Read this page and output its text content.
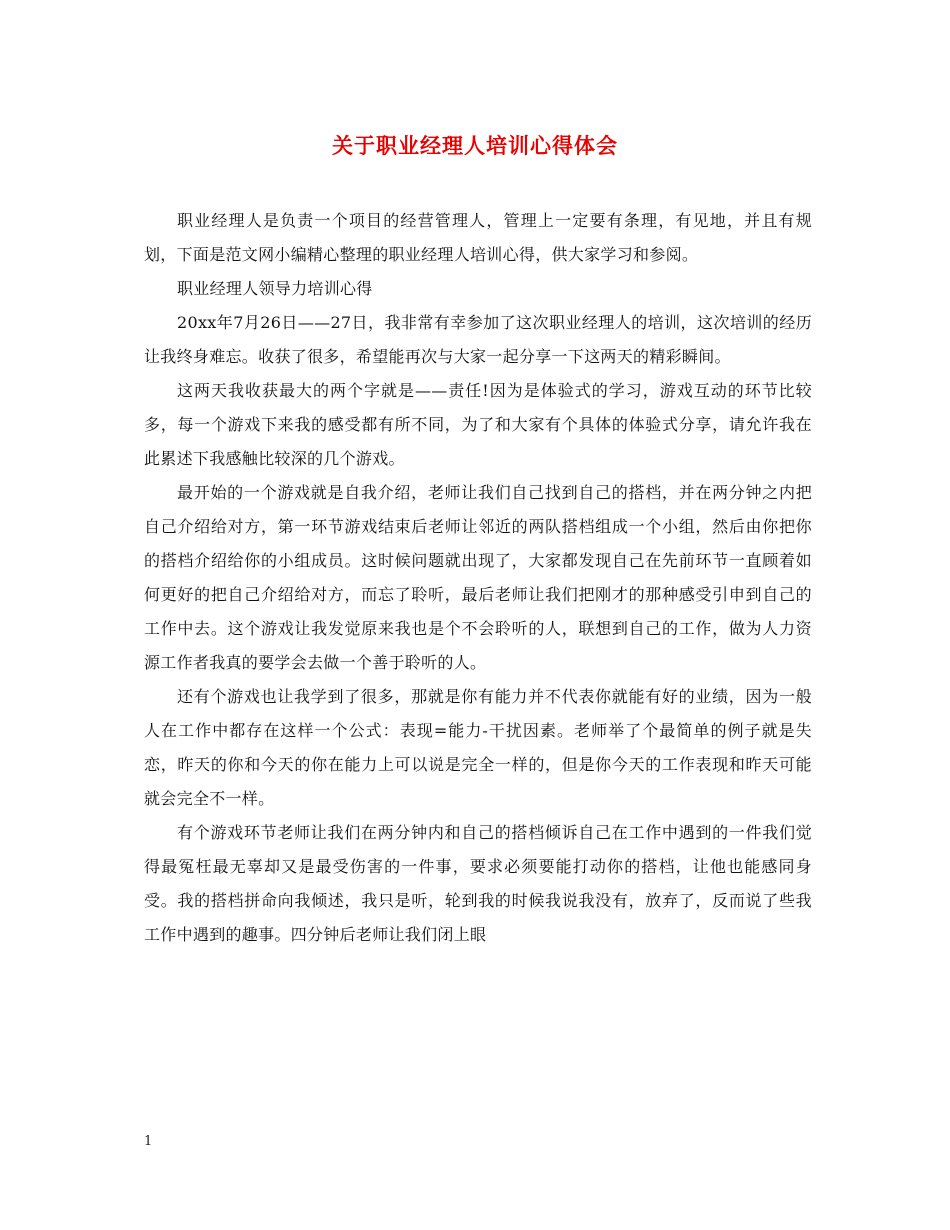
关于职业经理人培训心得体会

职业经理人是负责一个项目的经营管理人，管理上一定要有条理，有见地，并且有规划，下面是范文网小编精心整理的职业经理人培训心得，供大家学习和参阅。

职业经理人领导力培训心得

20xx年7月26日——27日，我非常有幸参加了这次职业经理人的培训，这次培训的经历让我终身难忘。收获了很多，希望能再次与大家一起分享一下这两天的精彩瞬间。

这两天我收获最大的两个字就是——责任!因为是体验式的学习，游戏互动的环节比较多，每一个游戏下来我的感受都有所不同，为了和大家有个具体的体验式分享，请允许我在此累述下我感触比较深的几个游戏。

最开始的一个游戏就是自我介绍，老师让我们自己找到自己的搭档，并在两分钟之内把自己介绍给对方，第一环节游戏结束后老师让邻近的两队搭档组成一个小组，然后由你把你的搭档介绍给你的小组成员。这时候问题就出现了，大家都发现自己在先前环节一直顾着如何更好的把自己介绍给对方，而忘了聆听，最后老师让我们把刚才的那种感受引申到自己的工作中去。这个游戏让我发觉原来我也是个不会聆听的人，联想到自己的工作，做为人力资源工作者我真的要学会去做一个善于聆听的人。

还有个游戏也让我学到了很多，那就是你有能力并不代表你就能有好的业绩，因为一般人在工作中都存在这样一个公式：表现=能力-干扰因素。老师举了个最简单的例子就是失恋，昨天的你和今天的你在能力上可以说是完全一样的，但是你今天的工作表现和昨天可能就会完全不一样。

有个游戏环节老师让我们在两分钟内和自己的搭档倾诉自己在工作中遇到的一件我们觉得最冤枉最无辜却又是最受伤害的一件事，要求必须要能打动你的搭档，让他也能感同身受。我的搭档拼命向我倾述，我只是听，轮到我的时候我说我没有，放弃了，反而说了些我工作中遇到的趣事。四分钟后老师让我们闭上眼

1
